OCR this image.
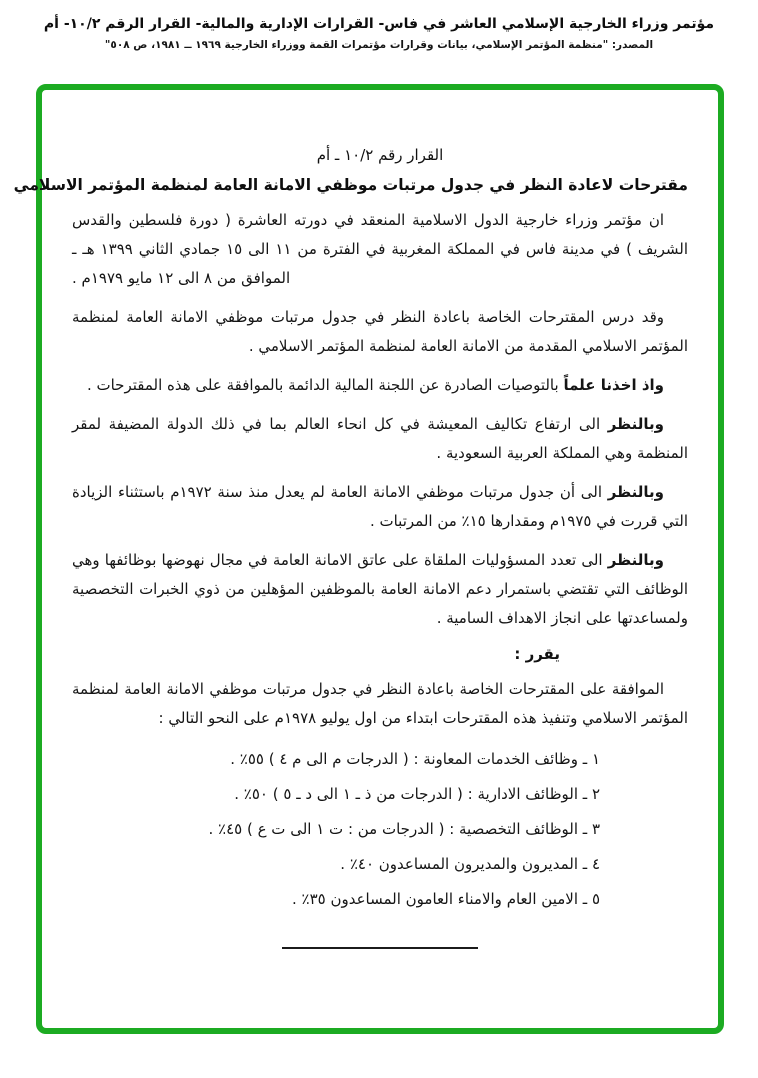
مؤتمر وزراء الخارجية الإسلامي العاشر في فاس- القرارات الإدارية والمالية- القرار الرقم ١٠/٢- أم
المصدر: "منظمة المؤتمر الإسلامي، بيانات وقرارات مؤتمرات القمة ووزراء الخارجية ١٩٦٩ ــ ١٩٨١، ص ٥٠٨"
القرار رقم ١٠/٢ ـ أم
مقترحات لاعادة النظر في جدول مرتبات موظفي الامانة العامة لمنظمة المؤتمر الاسلامي

ان مؤتمر وزراء خارجية الدول الاسلامية المنعقد في دورته العاشرة ( دورة فلسطين والقدس الشريف ) في مدينة فاس في المملكة المغربية في الفترة من ١١ الى ١٥ جمادي الثاني ١٣٩٩ هـ ـ الموافق من ٨ الى ١٢ مايو ١٩٧٩م .

وقد درس المقترحات الخاصة باعادة النظر في جدول مرتبات موظفي الامانة العامة لمنظمة المؤتمر الاسلامي المقدمة من الامانة العامة لمنظمة المؤتمر الاسلامي .

واذ اخذنا علماً بالتوصيات الصادرة عن اللجنة المالية الدائمة بالموافقة على هذه المقترحات .

وبالنظر الى ارتفاع تكاليف المعيشة في كل انحاء العالم بما في ذلك الدولة المضيفة لمقر المنظمة وهي المملكة العربية السعودية .

وبالنظر الى أن جدول مرتبات موظفي الامانة العامة لم يعدل منذ سنة ١٩٧٢م باستثناء الزيادة التي قررت في ١٩٧٥م ومقدارها ١٥٪ من المرتبات .

وبالنظر الى تعدد المسؤوليات الملقاة على عاتق الامانة العامة في مجال نهوضها بوظائفها وهي الوظائف التي تقتضي باستمرار دعم الامانة العامة بالموظفين المؤهلين من ذوي الخبرات التخصصية ولمساعدتها على انجاز الاهداف السامية .

يقرر :

الموافقة على المقترحات الخاصة باعادة النظر في جدول مرتبات موظفي الامانة العامة لمنظمة المؤتمر الاسلامي وتنفيذ هذه المقترحات ابتداء من اول يوليو ١٩٧٨م على النحو التالي :

١ ـ وظائف الخدمات المعاونة : ( الدرجات م الى م ٤ ) ٥٥٪ .
٢ ـ الوظائف الادارية : ( الدرجات من ذ ـ ١ الى د ـ ٥ ) ٥٠٪ .
٣ ـ الوظائف التخصصية : ( الدرجات من : ت ١ الى ت ع ) ٤٥٪ .
٤ ـ المديرون والمديرون المساعدون ٤٠٪ .
٥ ـ الامين العام والامناء العامون المساعدون ٣٥٪ .
